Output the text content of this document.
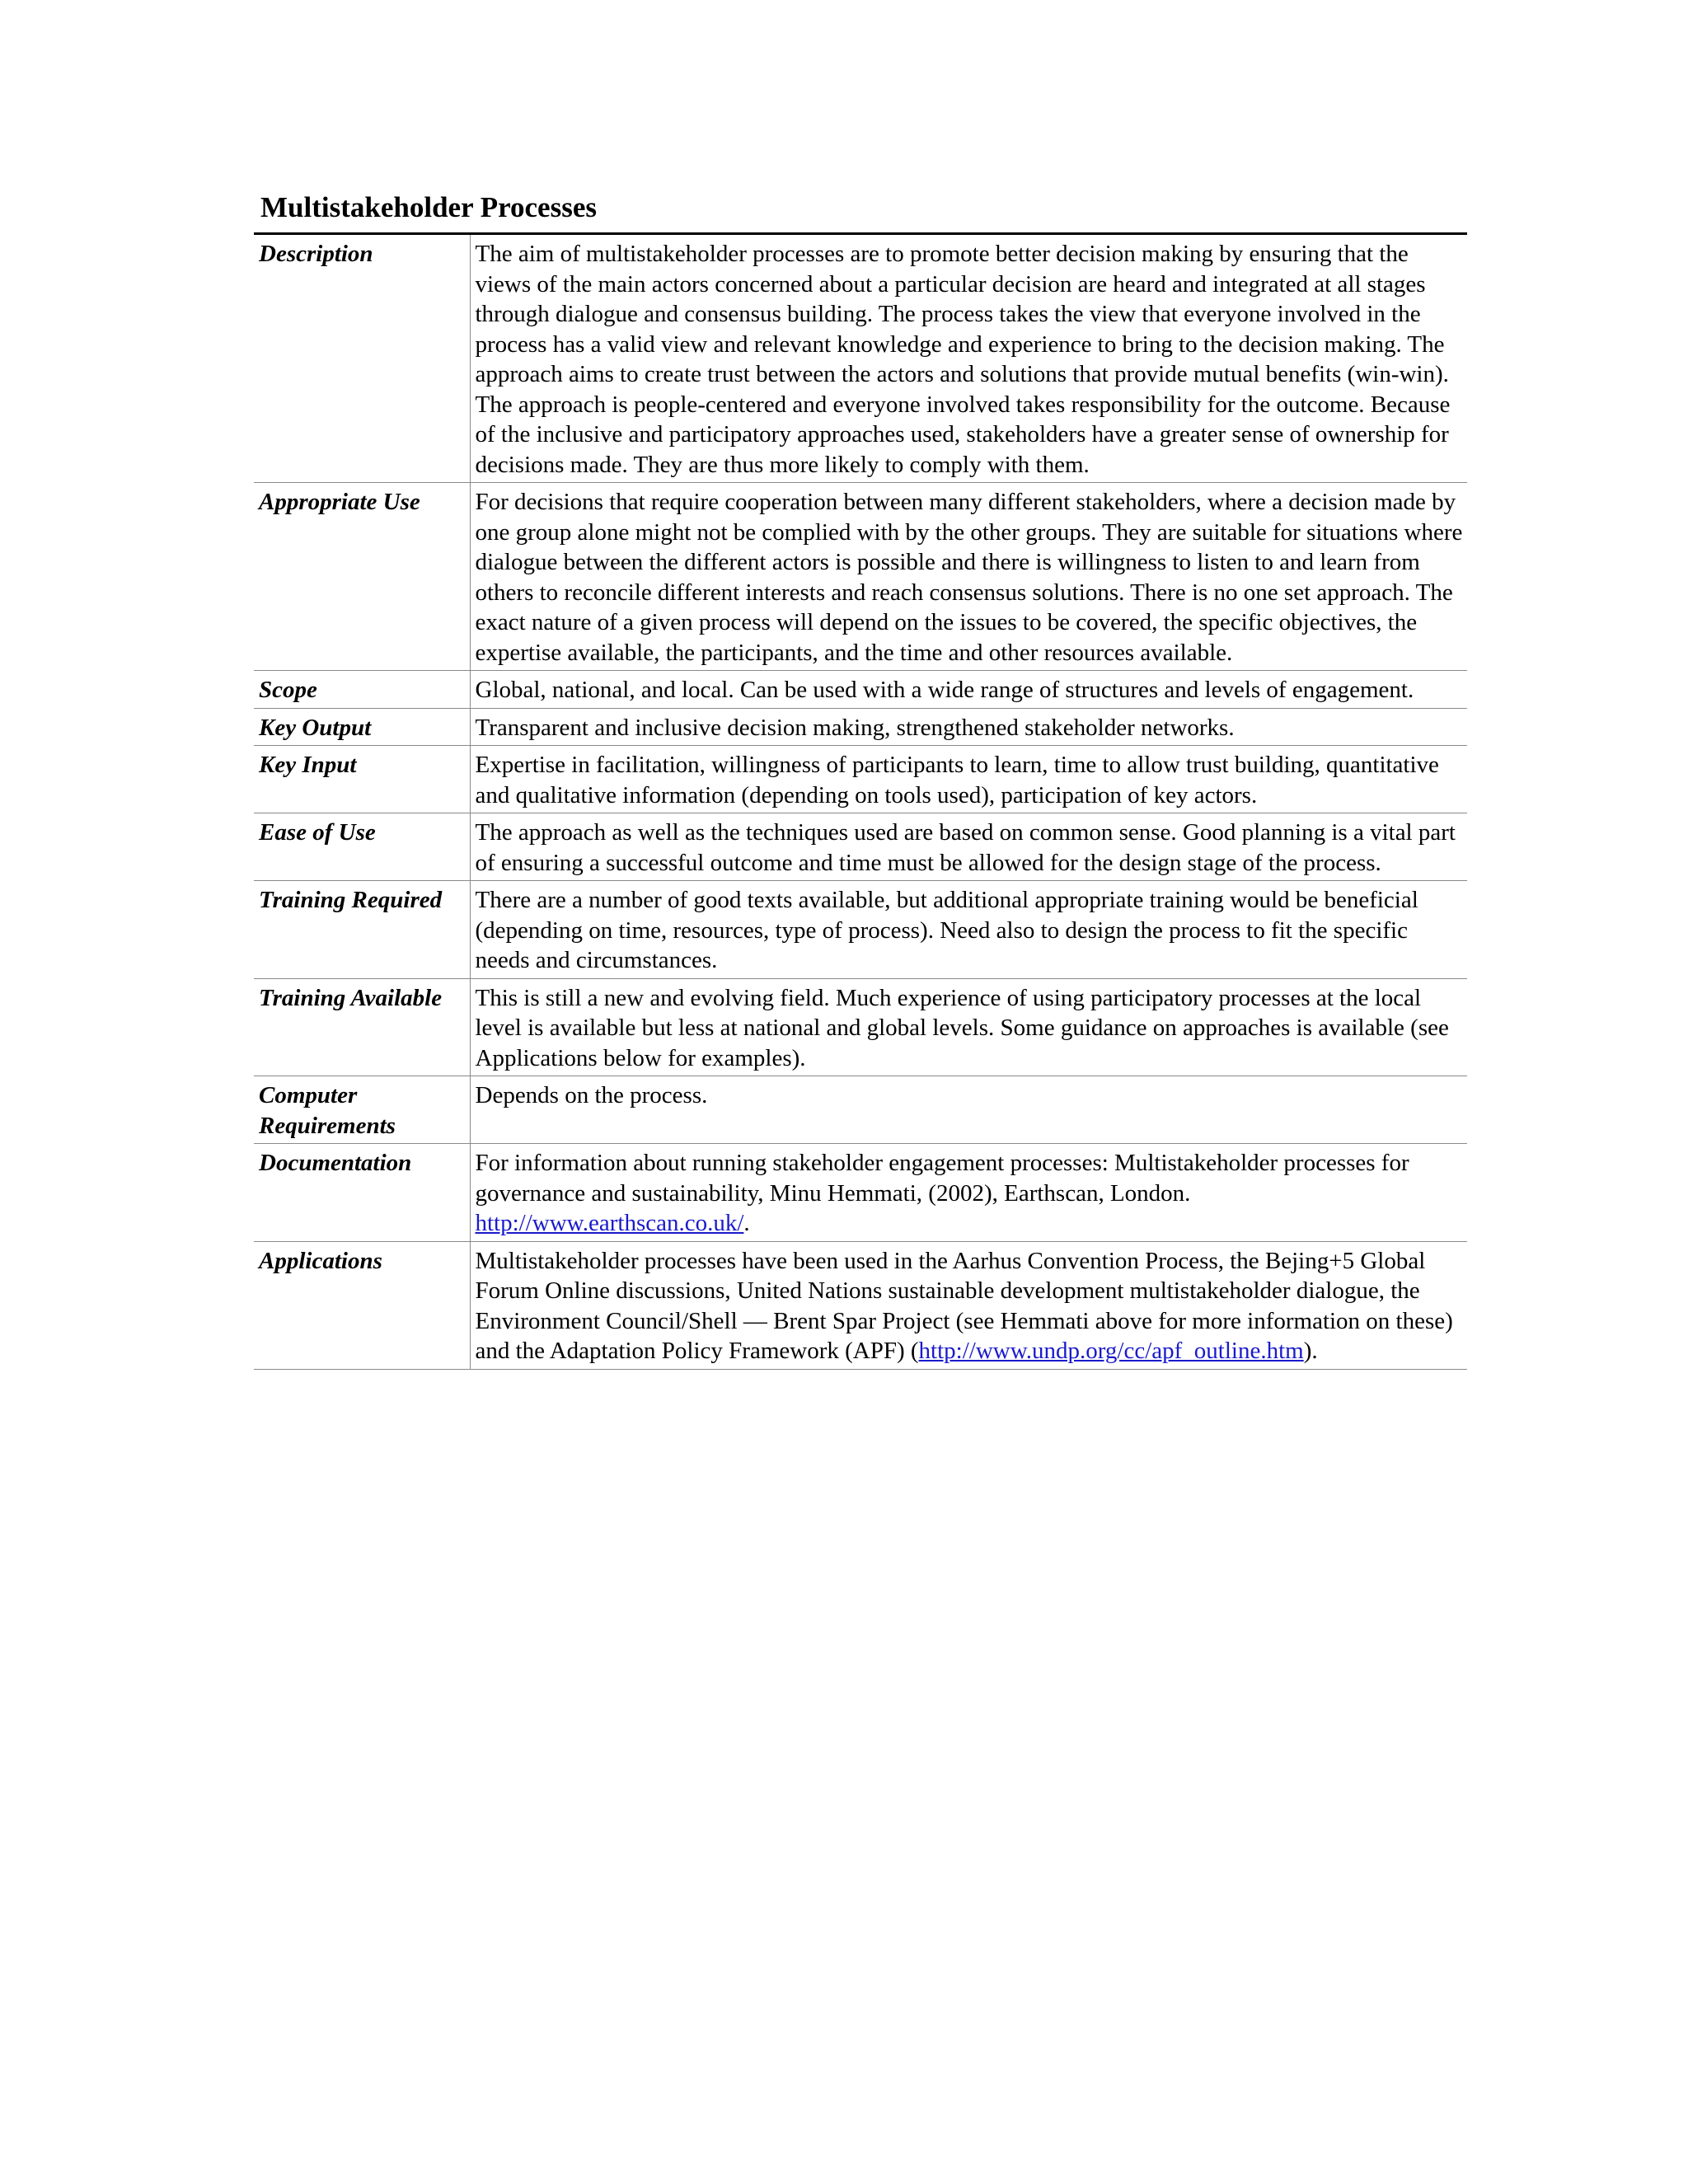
Multistakeholder Processes
Description	The aim of multistakeholder processes are to promote better decision making by ensuring that the views of the main actors concerned about a particular decision are heard and integrated at all stages through dialogue and consensus building. The process takes the view that everyone involved in the process has a valid view and relevant knowledge and experience to bring to the decision making. The approach aims to create trust between the actors and solutions that provide mutual benefits (win-win). The approach is people-centered and everyone involved takes responsibility for the outcome. Because of the inclusive and participatory approaches used, stakeholders have a greater sense of ownership for decisions made. They are thus more likely to comply with them.
Appropriate Use	For decisions that require cooperation between many different stakeholders, where a decision made by one group alone might not be complied with by the other groups. They are suitable for situations where dialogue between the different actors is possible and there is willingness to listen to and learn from others to reconcile different interests and reach consensus solutions. There is no one set approach. The exact nature of a given process will depend on the issues to be covered, the specific objectives, the expertise available, the participants, and the time and other resources available.
Scope	Global, national, and local. Can be used with a wide range of structures and levels of engagement.
Key Output	Transparent and inclusive decision making, strengthened stakeholder networks.
Key Input	Expertise in facilitation, willingness of participants to learn, time to allow trust building, quantitative and qualitative information (depending on tools used), participation of key actors.
Ease of Use	The approach as well as the techniques used are based on common sense. Good planning is a vital part of ensuring a successful outcome and time must be allowed for the design stage of the process.
Training Required	There are a number of good texts available, but additional appropriate training would be beneficial (depending on time, resources, type of process). Need also to design the process to fit the specific needs and circumstances.
Training Available	This is still a new and evolving field. Much experience of using participatory processes at the local level is available but less at national and global levels. Some guidance on approaches is available (see Applications below for examples).
Computer Requirements	Depends on the process.
Documentation	For information about running stakeholder engagement processes: Multistakeholder processes for governance and sustainability, Minu Hemmati, (2002), Earthscan, London. http://www.earthscan.co.uk/.
Applications	Multistakeholder processes have been used in the Aarhus Convention Process, the Bejing+5 Global Forum Online discussions, United Nations sustainable development multistakeholder dialogue, the Environment Council/Shell — Brent Spar Project (see Hemmati above for more information on these) and the Adaptation Policy Framework (APF) (http://www.undp.org/cc/apf_outline.htm).
